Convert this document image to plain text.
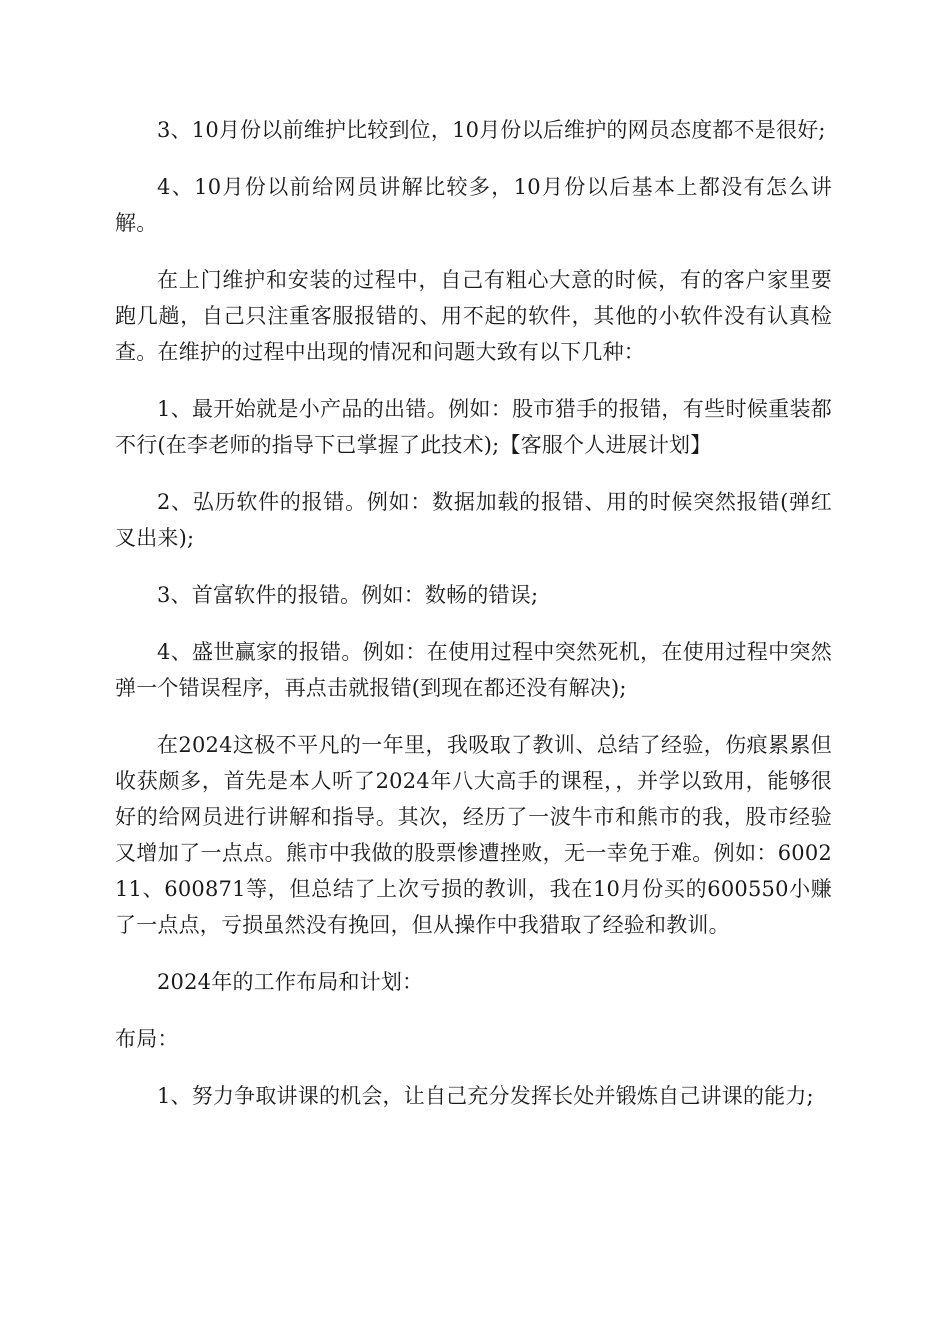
3、10月份以前维护比较到位，10月份以后维护的网员态度都不是很好;

4、10月份以前给网员讲解比较多，10月份以后基本上都没有怎么讲解。

在上门维护和安装的过程中，自己有粗心大意的时候，有的客户家里要跑几趟，自己只注重客服报错的、用不起的软件，其他的小软件没有认真检查。在维护的过程中出现的情况和问题大致有以下几种：

1、最开始就是小产品的出错。例如：股市猎手的报错，有些时候重装都不行(在李老师的指导下已掌握了此技术);【客服个人进展计划】

2、弘历软件的报错。例如：数据加载的报错、用的时候突然报错(弹红叉出来);

3、首富软件的报错。例如：数畅的错误;

4、盛世赢家的报错。例如：在使用过程中突然死机，在使用过程中突然弹一个错误程序，再点击就报错(到现在都还没有解决);

在2024这极不平凡的一年里，我吸取了教训、总结了经验，伤痕累累但收获颇多，首先是本人听了2024年八大高手的课程，，并学以致用，能够很好的给网员进行讲解和指导。其次，经历了一波牛市和熊市的我，股市经验又增加了一点点。熊市中我做的股票惨遭挫败，无一幸免于难。例如：600211、600871等，但总结了上次亏损的教训，我在10月份买的600550小赚了一点点，亏损虽然没有挽回，但从操作中我猎取了经验和教训。

2024年的工作布局和计划：

布局：

1、努力争取讲课的机会，让自己充分发挥长处并锻炼自己讲课的能力;
